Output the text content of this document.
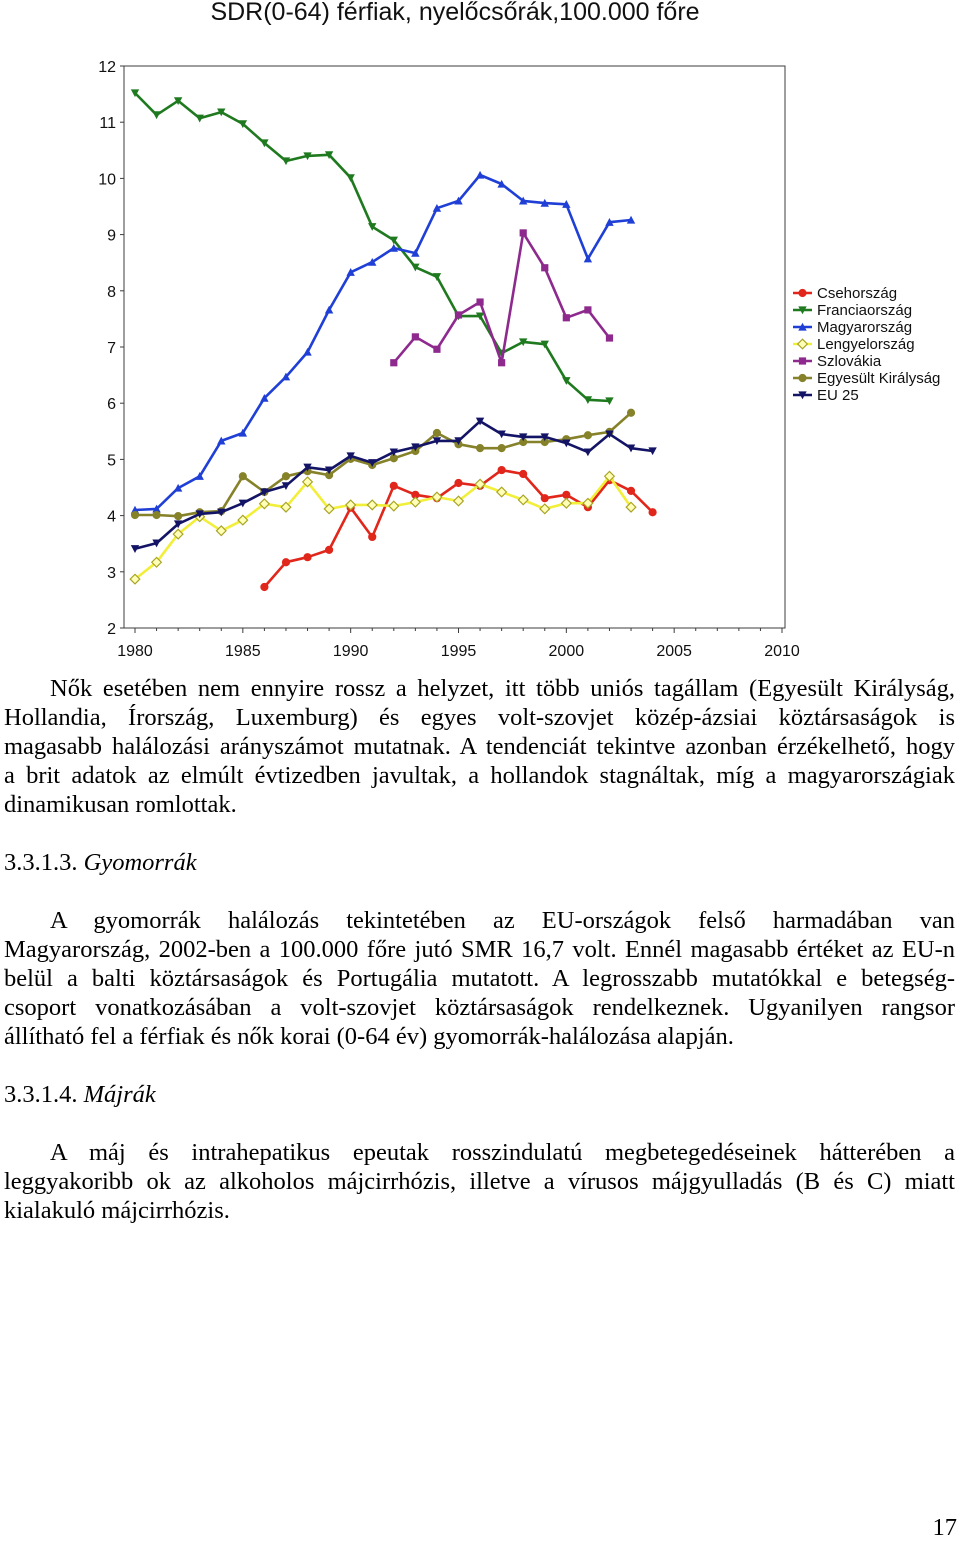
SDR(0-64) férfiak, nyelőcsőrák,100.000 főre
1980	1985	1990	1995	2000	2005	2010
2
3
4
5
6
7
8
9
10
11
12
Csehország
Franciaország
Magyarország
Lengyelország
Szlovákia
Egyesült Királyság
EU 25
Nők esetében nem ennyire rossz a helyzet, itt több uniós tagállam (Egyesült Királyság,
Hollandia, Írország, Luxemburg) és egyes volt-szovjet közép-ázsiai köztársaságok is
magasabb halálozási arányszámot mutatnak. A tendenciát tekintve azonban érzékelhető, hogy
a brit adatok az elmúlt évtizedben javultak, a hollandok stagnáltak, míg a magyarországiak
dinamikusan romlottak.
3.3.1.3. Gyomorrák
A gyomorrák halálozás tekintetében az EU-országok felső harmadában van
Magyarország, 2002-ben a 100.000 főre jutó SMR 16,7 volt. Ennél magasabb értéket az EU-n
belül a balti köztársaságok és Portugália mutatott. A legrosszabb mutatókkal e betegség-
csoport vonatkozásában a volt-szovjet köztársaságok rendelkeznek. Ugyanilyen rangsor
állítható fel a férfiak és nők korai (0-64 év) gyomorrák-halálozása alapján.
3.3.1.4. Májrák
A máj és intrahepatikus epeutak rosszindulatú megbetegedéseinek hátterében a
leggyakoribb ok az alkoholos májcirrhózis, illetve a vírusos májgyulladás (B és C) miatt
kialakuló májcirrhózis.
17
